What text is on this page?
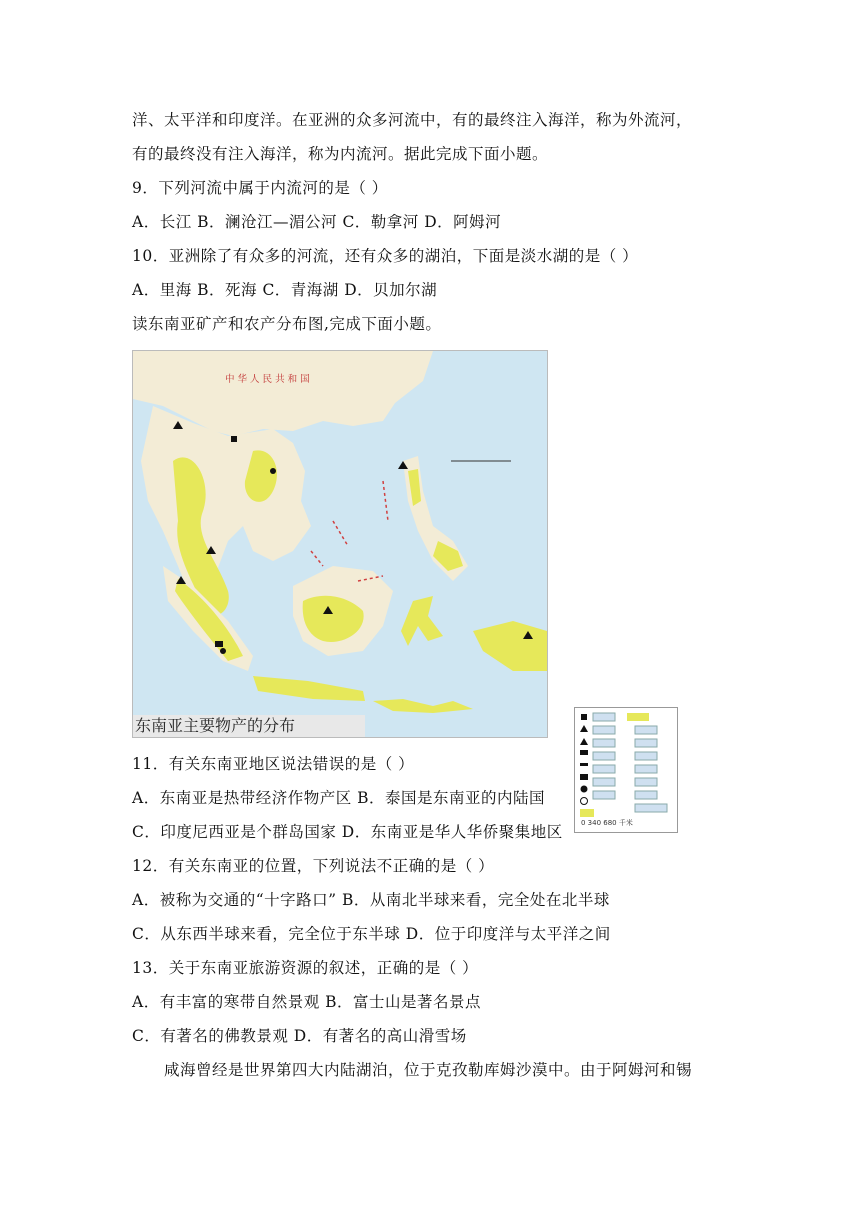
洋、太平洋和印度洋。在亚洲的众多河流中，有的最终注入海洋，称为外流河，
有的最终没有注入海洋，称为内流河。据此完成下面小题。
9．下列河流中属于内流河的是（ ）
A．长江 B．澜沧江—湄公河 C．勒拿河 D．阿姆河
10．亚洲除了有众多的河流，还有众多的湖泊，下面是淡水湖的是（ ）
A．里海 B．死海 C．青海湖 D．贝加尔湖
读东南亚矿产和农产分布图,完成下面小题。
中 华 人 民 共 和 国
0 340 680 千米
东南亚主要物产的分布
11．有关东南亚地区说法错误的是（ ）
A．东南亚是热带经济作物产区 B．泰国是东南亚的内陆国
C．印度尼西亚是个群岛国家 D．东南亚是华人华侨聚集地区
12．有关东南亚的位置，下列说法不正确的是（ ）
A．被称为交通的“十字路口” B．从南北半球来看，完全处在北半球
C．从东西半球来看，完全位于东半球 D．位于印度洋与太平洋之间
13．关于东南亚旅游资源的叙述，正确的是（ ）
A．有丰富的寒带自然景观 B．富士山是著名景点
C．有著名的佛教景观 D．有著名的高山滑雪场
咸海曾经是世界第四大内陆湖泊，位于克孜勒库姆沙漠中。由于阿姆河和锡
